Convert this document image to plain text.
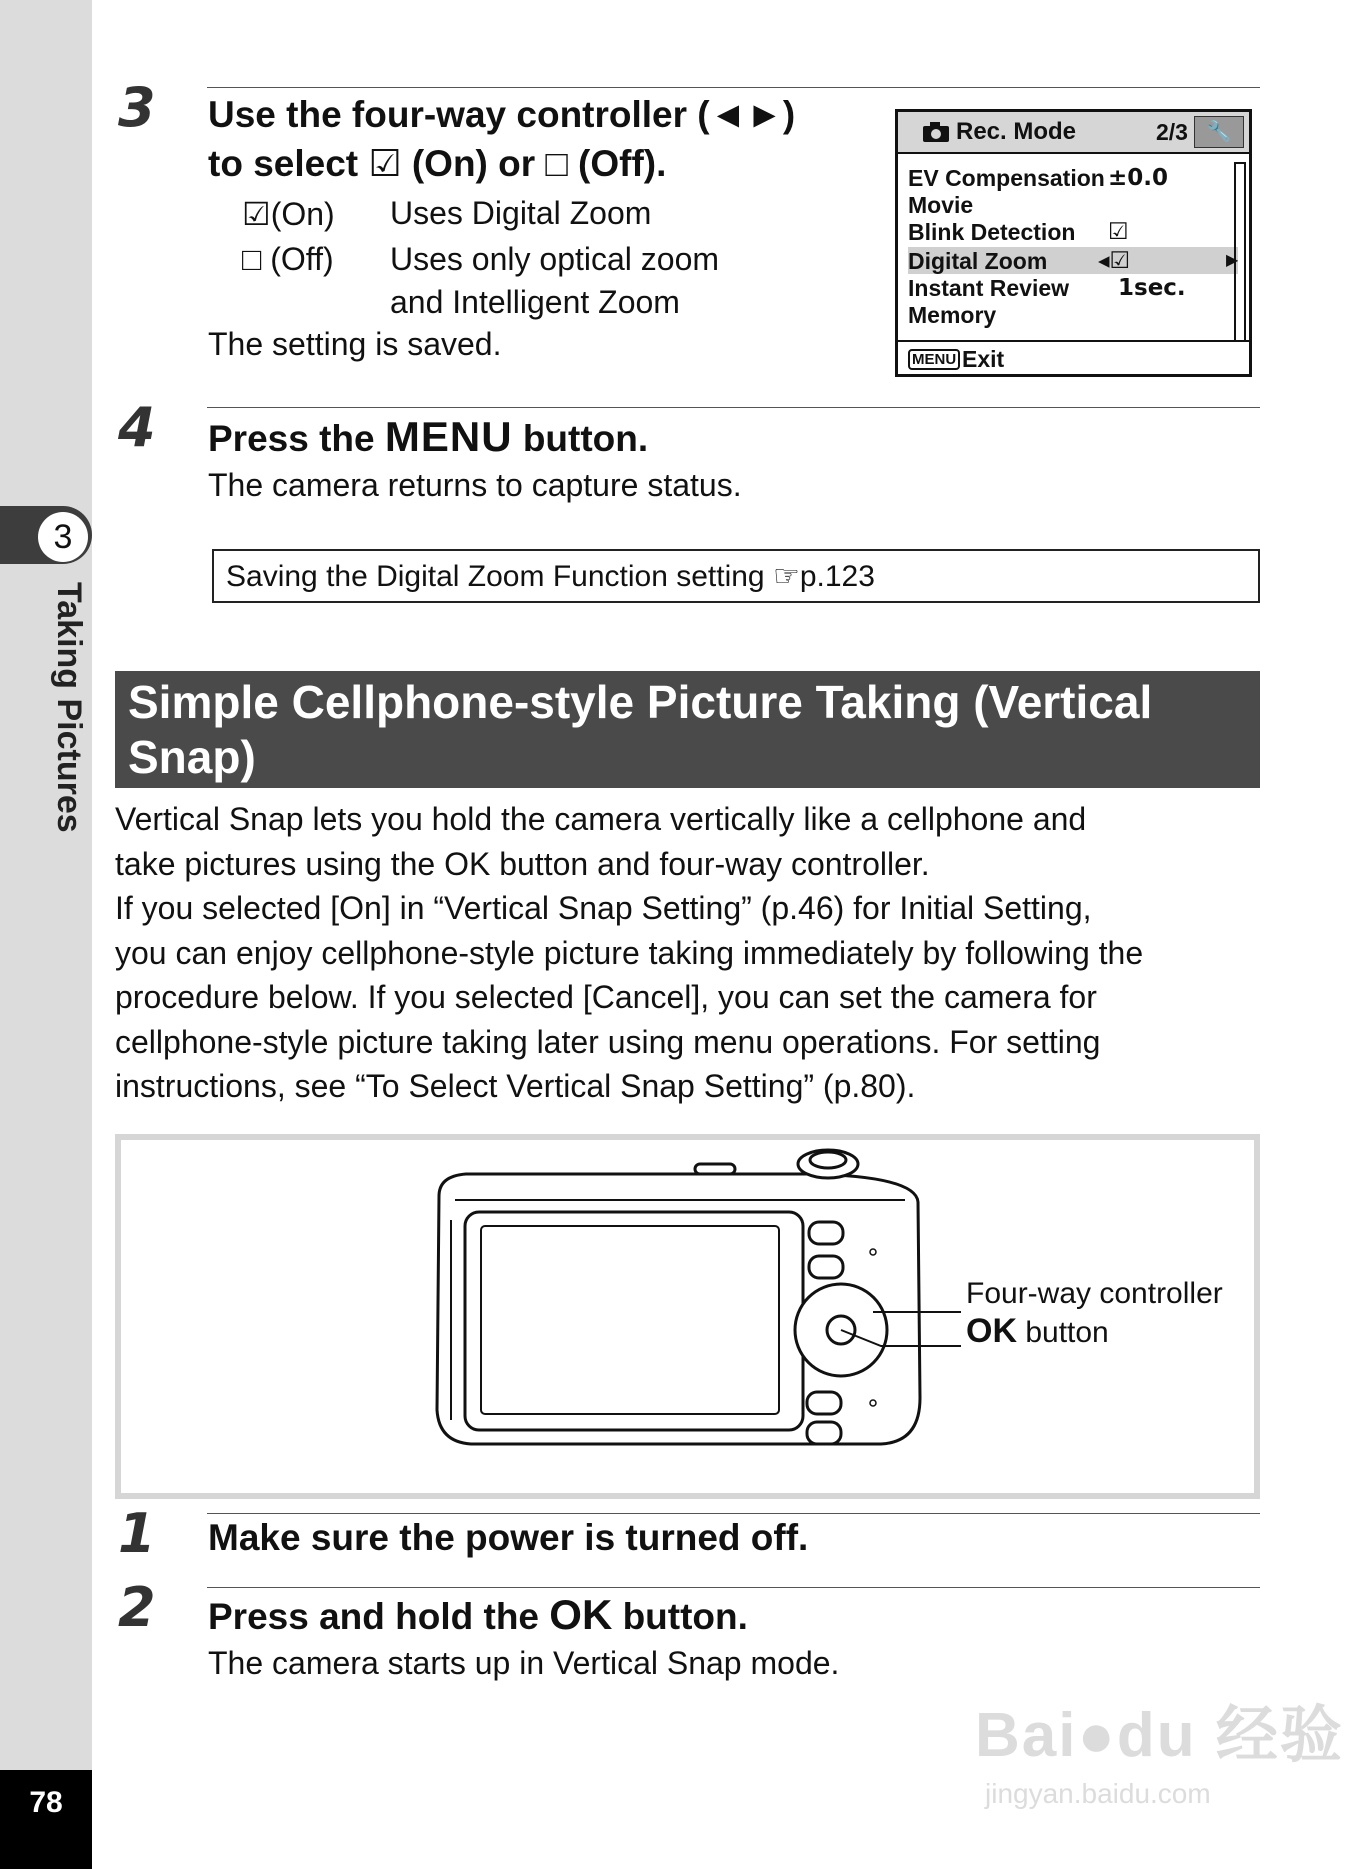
3
Taking Pictures
78
3 Use the four-way controller (◄►)
to select ☑ (On) or □ (Off).
☑(On) Uses Digital Zoom
□ (Off) Uses only optical zoom
and Intelligent Zoom
The setting is saved.
Rec. Mode	2/3 🔧
EV Compensation ±0.0
Movie
Blink Detection ☑
Digital Zoom ◂☑	▶
Instant Review 1sec.
Memory
MENU Exit
4 Press the MENU button.
The camera returns to capture status.
Saving the Digital Zoom Function setting ☞p.123
Simple Cellphone-style Picture Taking (Vertical Snap)

Vertical Snap lets you hold the camera vertically like a cellphone and

take pictures using the OK button and four-way controller.

If you selected [On] in “Vertical Snap Setting” (p.46) for Initial Setting,

you can enjoy cellphone-style picture taking immediately by following the

procedure below. If you selected [Cancel], you can set the camera for

cellphone-style picture taking later using menu operations. For setting

instructions, see “To Select Vertical Snap Setting” (p.80).

Four-way controller
OK button
1 Make sure the power is turned off.
2 Press and hold the OK button.
The camera starts up in Vertical Snap mode.
Bai●du 经验
jingyan.baidu.com
